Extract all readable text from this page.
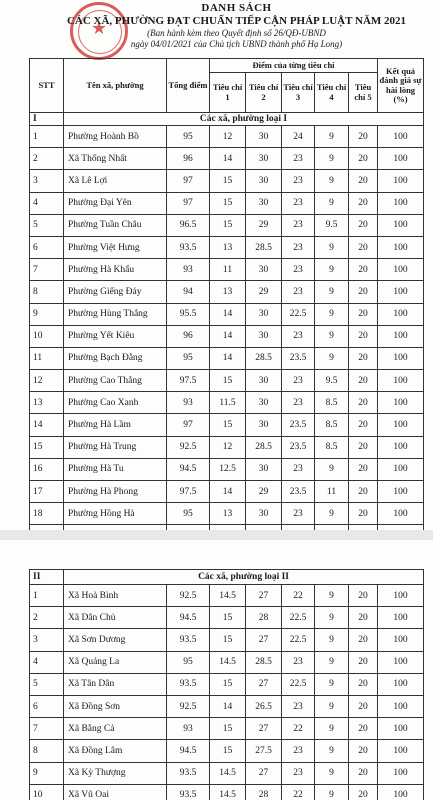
★
DANH SÁCH
CÁC XÃ, PHƯỜNG ĐẠT CHUẨN TIẾP CẬN PHÁP LUẬT NĂM 2021
(Ban hành kèm theo Quyết định số 26/QĐ-UBND
ngày 04/01/2021 của Chủ tịch UBND thành phố Hạ Long)
STT	Tên xã, phường	Tổng điểm	Điểm của từng tiêu chí					Kết quả đánh giá sự hài lòng (%)
			Tiêu chí 1	Tiêu chí 2	Tiêu chí 3	Tiêu chí 4	Tiêu chí 5	
I	Các xã, phường loại I							
1	Phường Hoành Bồ	95	12	30	24	9	20	100
2	Xã Thống Nhất	96	14	30	23	9	20	100
3	Xã Lê Lợi	97	15	30	23	9	20	100
4	Phường Đại Yên	97	15	30	23	9	20	100
5	Phường Tuần Châu	96.5	15	29	23	9.5	20	100
6	Phường Việt Hưng	93.5	13	28.5	23	9	20	100
7	Phường Hà Khẩu	93	11	30	23	9	20	100
8	Phường Giếng Đáy	94	13	29	23	9	20	100
9	Phường Hùng Thắng	95.5	14	30	22.5	9	20	100
10	Phường Yết Kiêu	96	14	30	23	9	20	100
11	Phường Bạch Đằng	95	14	28.5	23.5	9	20	100
12	Phường Cao Thắng	97.5	15	30	23	9.5	20	100
13	Phường Cao Xanh	93	11.5	30	23	8.5	20	100
14	Phường Hà Lầm	97	15	30	23.5	8.5	20	100
15	Phường Hà Trung	92.5	12	28.5	23.5	8.5	20	100
16	Phường Hà Tu	94.5	12.5	30	23	9	20	100
17	Phường Hà Phong	97.5	14	29	23.5	11	20	100
18	Phường Hồng Hà	95	13	30	23	9	20	100

II	Các xã, phường loại II							
1	Xã Hoà Bình	92.5	14.5	27	22	9	20	100
2	Xã Dân Chủ	94.5	15	28	22.5	9	20	100
3	Xã Sơn Dương	93.5	15	27	22.5	9	20	100
4	Xã Quảng La	95	14.5	28.5	23	9	20	100
5	Xã Tân Dân	93.5	15	27	22.5	9	20	100
6	Xã Đồng Sơn	92.5	14	26.5	23	9	20	100
7	Xã Bằng Cả	93	15	27	22	9	20	100
8	Xã Đồng Lâm	94.5	15	27.5	23	9	20	100
9	Xã Kỳ Thượng	93.5	14.5	27	23	9	20	100
10	Xã Vũ Oai	93.5	14.5	28	22	9	20	100
